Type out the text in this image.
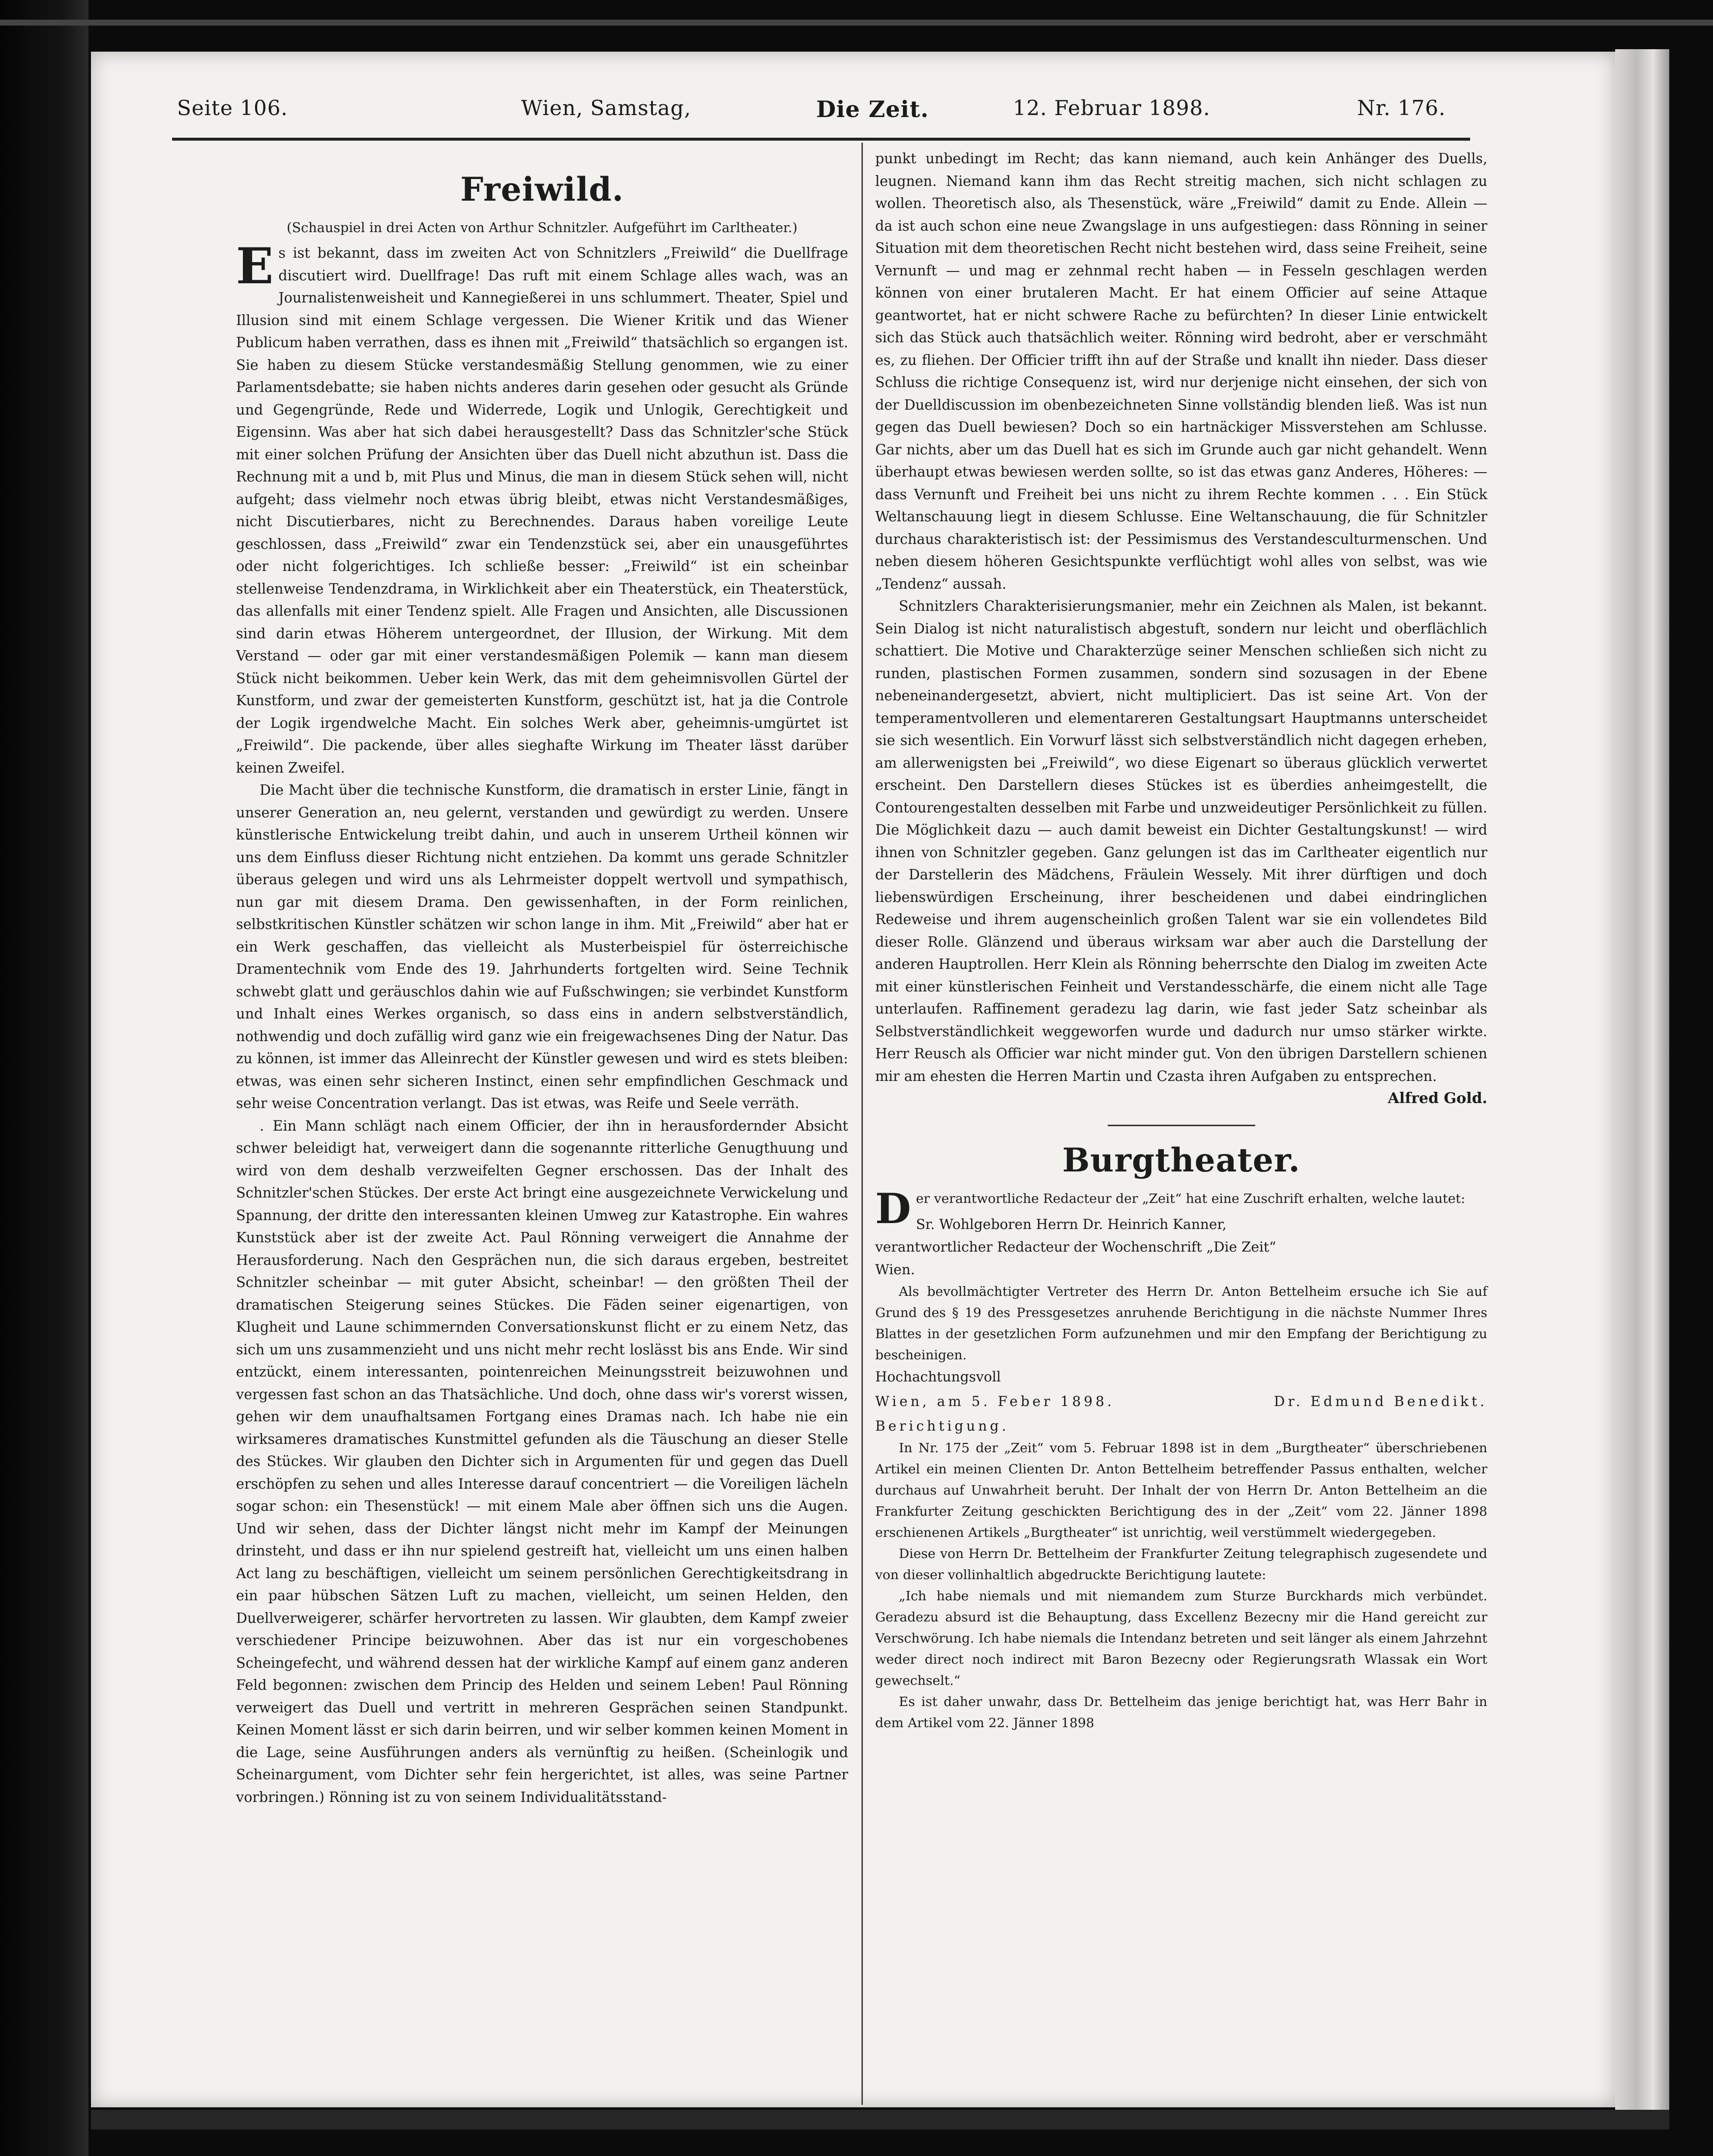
Seite 106.	Wien, Samstag,	Die Zeit.	12. Februar 1898.	Nr. 176.
Freiwild.
(Schauspiel in drei Acten von Arthur Schnitzler. Aufgeführt im Carltheater.)

Es ist bekannt, dass im zweiten Act von Schnitzlers „Freiwild“ die Duellfrage discutiert wird. Duellfrage! Das ruft mit einem Schlage alles wach, was an Journalistenweisheit und Kannegießerei in uns schlummert. Theater, Spiel und Illusion sind mit einem Schlage vergessen. Die Wiener Kritik und das Wiener Publicum haben verrathen, dass es ihnen mit „Freiwild“ thatsächlich so ergangen ist. Sie haben zu diesem Stücke verstandesmäßig Stellung genommen, wie zu einer Parlamentsdebatte; sie haben nichts anderes darin gesehen oder gesucht als Gründe und Gegengründe, Rede und Widerrede, Logik und Unlogik, Gerechtigkeit und Eigensinn. Was aber hat sich dabei herausgestellt? Dass das Schnitzler'sche Stück mit einer solchen Prüfung der Ansichten über das Duell nicht abzuthun ist. Dass die Rechnung mit a und b, mit Plus und Minus, die man in diesem Stück sehen will, nicht aufgeht; dass vielmehr noch etwas übrig bleibt, etwas nicht Verstandesmäßiges, nicht Discutierbares, nicht zu Berechnendes. Daraus haben voreilige Leute geschlossen, dass „Freiwild“ zwar ein Tendenzstück sei, aber ein unausgeführtes oder nicht folgerichtiges. Ich schließe besser: „Freiwild“ ist ein scheinbar stellenweise Tendenzdrama, in Wirklichkeit aber ein Theaterstück, ein Theaterstück, das allenfalls mit einer Tendenz spielt. Alle Fragen und Ansichten, alle Discussionen sind darin etwas Höherem untergeordnet, der Illusion, der Wirkung. Mit dem Verstand — oder gar mit einer verstandesmäßigen Polemik — kann man diesem Stück nicht beikommen. Ueber kein Werk, das mit dem geheimnisvollen Gürtel der Kunstform, und zwar der gemeisterten Kunstform, geschützt ist, hat ja die Controle der Logik irgendwelche Macht. Ein solches Werk aber, geheimnis-umgürtet ist „Freiwild“. Die packende, über alles sieghafte Wirkung im Theater lässt darüber keinen Zweifel.

Die Macht über die technische Kunstform, die dramatisch in erster Linie, fängt in unserer Generation an, neu gelernt, verstanden und gewürdigt zu werden. Unsere künstlerische Entwickelung treibt dahin, und auch in unserem Urtheil können wir uns dem Einfluss dieser Richtung nicht entziehen. Da kommt uns gerade Schnitzler überaus gelegen und wird uns als Lehrmeister doppelt wertvoll und sympathisch, nun gar mit diesem Drama. Den gewissenhaften, in der Form reinlichen, selbstkritischen Künstler schätzen wir schon lange in ihm. Mit „Freiwild“ aber hat er ein Werk geschaffen, das vielleicht als Musterbeispiel für österreichische Dramentechnik vom Ende des 19. Jahrhunderts fortgelten wird. Seine Technik schwebt glatt und geräuschlos dahin wie auf Fußschwingen; sie verbindet Kunstform und Inhalt eines Werkes organisch, so dass eins in andern selbstverständlich, nothwendig und doch zufällig wird ganz wie ein freigewachsenes Ding der Natur. Das zu können, ist immer das Alleinrecht der Künstler gewesen und wird es stets bleiben: etwas, was einen sehr sicheren Instinct, einen sehr empfindlichen Geschmack und sehr weise Concentration verlangt. Das ist etwas, was Reife und Seele verräth.

. Ein Mann schlägt nach einem Officier, der ihn in herausfordernder Absicht schwer beleidigt hat, verweigert dann die sogenannte ritterliche Genugthuung und wird von dem deshalb verzweifelten Gegner erschossen. Das der Inhalt des Schnitzler'schen Stückes. Der erste Act bringt eine ausgezeichnete Verwickelung und Spannung, der dritte den interessanten kleinen Umweg zur Katastrophe. Ein wahres Kunststück aber ist der zweite Act. Paul Rönning verweigert die Annahme der Herausforderung. Nach den Gesprächen nun, die sich daraus ergeben, bestreitet Schnitzler scheinbar — mit guter Absicht, scheinbar! — den größten Theil der dramatischen Steigerung seines Stückes. Die Fäden seiner eigenartigen, von Klugheit und Laune schimmernden Conversationskunst flicht er zu einem Netz, das sich um uns zusammenzieht und uns nicht mehr recht loslässt bis ans Ende. Wir sind entzückt, einem interessanten, pointenreichen Meinungsstreit beizuwohnen und vergessen fast schon an das Thatsächliche. Und doch, ohne dass wir's vorerst wissen, gehen wir dem unaufhaltsamen Fortgang eines Dramas nach. Ich habe nie ein wirksameres dramatisches Kunstmittel gefunden als die Täuschung an dieser Stelle des Stückes. Wir glauben den Dichter sich in Argumenten für und gegen das Duell erschöpfen zu sehen und alles Interesse darauf concentriert — die Voreiligen lächeln sogar schon: ein Thesenstück! — mit einem Male aber öffnen sich uns die Augen. Und wir sehen, dass der Dichter längst nicht mehr im Kampf der Meinungen drinsteht, und dass er ihn nur spielend gestreift hat, vielleicht um uns einen halben Act lang zu beschäftigen, vielleicht um seinem persönlichen Gerechtigkeitsdrang in ein paar hübschen Sätzen Luft zu machen, vielleicht, um seinen Helden, den Duellverweigerer, schärfer hervortreten zu lassen. Wir glaubten, dem Kampf zweier verschiedener Principe beizuwohnen. Aber das ist nur ein vorgeschobenes Scheingefecht, und während dessen hat der wirkliche Kampf auf einem ganz anderen Feld begonnen: zwischen dem Princip des Helden und seinem Leben! Paul Rönning verweigert das Duell und vertritt in mehreren Gesprächen seinen Standpunkt. Keinen Moment lässt er sich darin beirren, und wir selber kommen keinen Moment in die Lage, seine Ausführungen anders als vernünftig zu heißen. (Scheinlogik und Scheinargument, vom Dichter sehr fein hergerichtet, ist alles, was seine Partner vorbringen.) Rönning ist zu von seinem Individualitätsstand-

punkt unbedingt im Recht; das kann niemand, auch kein Anhänger des Duells, leugnen. Niemand kann ihm das Recht streitig machen, sich nicht schlagen zu wollen. Theoretisch also, als Thesenstück, wäre „Freiwild“ damit zu Ende. Allein — da ist auch schon eine neue Zwangslage in uns aufgestiegen: dass Rönning in seiner Situation mit dem theoretischen Recht nicht bestehen wird, dass seine Freiheit, seine Vernunft — und mag er zehnmal recht haben — in Fesseln geschlagen werden können von einer brutaleren Macht. Er hat einem Officier auf seine Attaque geantwortet, hat er nicht schwere Rache zu befürchten? In dieser Linie entwickelt sich das Stück auch thatsächlich weiter. Rönning wird bedroht, aber er verschmäht es, zu fliehen. Der Officier trifft ihn auf der Straße und knallt ihn nieder. Dass dieser Schluss die richtige Consequenz ist, wird nur derjenige nicht einsehen, der sich von der Duelldiscussion im obenbezeichneten Sinne vollständig blenden ließ. Was ist nun gegen das Duell bewiesen? Doch so ein hartnäckiger Missverstehen am Schlusse. Gar nichts, aber um das Duell hat es sich im Grunde auch gar nicht gehandelt. Wenn überhaupt etwas bewiesen werden sollte, so ist das etwas ganz Anderes, Höheres: — dass Vernunft und Freiheit bei uns nicht zu ihrem Rechte kommen . . . Ein Stück Weltanschauung liegt in diesem Schlusse. Eine Weltanschauung, die für Schnitzler durchaus charakteristisch ist: der Pessimismus des Verstandesculturmenschen. Und neben diesem höheren Gesichtspunkte verflüchtigt wohl alles von selbst, was wie „Tendenz“ aussah.

Schnitzlers Charakterisierungsmanier, mehr ein Zeichnen als Malen, ist bekannt. Sein Dialog ist nicht naturalistisch abgestuft, sondern nur leicht und oberflächlich schattiert. Die Motive und Charakterzüge seiner Menschen schließen sich nicht zu runden, plastischen Formen zusammen, sondern sind sozusagen in der Ebene nebeneinandergesetzt, abviert, nicht multipliciert. Das ist seine Art. Von der temperamentvolleren und elementareren Gestaltungsart Hauptmanns unterscheidet sie sich wesentlich. Ein Vorwurf lässt sich selbstverständlich nicht dagegen erheben, am allerwenigsten bei „Freiwild“, wo diese Eigenart so überaus glücklich verwertet erscheint. Den Darstellern dieses Stückes ist es überdies anheimgestellt, die Contourengestalten desselben mit Farbe und unzweideutiger Persönlichkeit zu füllen. Die Möglichkeit dazu — auch damit beweist ein Dichter Gestaltungskunst! — wird ihnen von Schnitzler gegeben. Ganz gelungen ist das im Carltheater eigentlich nur der Darstellerin des Mädchens, Fräulein Wessely. Mit ihrer dürftigen und doch liebenswürdigen Erscheinung, ihrer bescheidenen und dabei eindringlichen Redeweise und ihrem augenscheinlich großen Talent war sie ein vollendetes Bild dieser Rolle. Glänzend und überaus wirksam war aber auch die Darstellung der anderen Hauptrollen. Herr Klein als Rönning beherrschte den Dialog im zweiten Acte mit einer künstlerischen Feinheit und Verstandesschärfe, die einem nicht alle Tage unterlaufen. Raffinement geradezu lag darin, wie fast jeder Satz scheinbar als Selbstverständlichkeit weggeworfen wurde und dadurch nur umso stärker wirkte. Herr Reusch als Officier war nicht minder gut. Von den übrigen Darstellern schienen mir am ehesten die Herren Martin und Czasta ihren Aufgaben zu entsprechen.

Alfred Gold.

Burgtheater.

Der verantwortliche Redacteur der „Zeit“ hat eine Zuschrift erhalten, welche lautet:

Sr. Wohlgeboren Herrn Dr. Heinrich Kanner,

verantwortlicher Redacteur der Wochenschrift „Die Zeit“

Wien.

Als bevollmächtigter Vertreter des Herrn Dr. Anton Bettelheim ersuche ich Sie auf Grund des § 19 des Pressgesetzes anruhende Berichtigung in die nächste Nummer Ihres Blattes in der gesetzlichen Form aufzunehmen und mir den Empfang der Berichtigung zu bescheinigen.

Hochachtungsvoll

Wien, am 5. Feber 1898.	Dr. Edmund Benedikt.

Berichtigung.

In Nr. 175 der „Zeit“ vom 5. Februar 1898 ist in dem „Burgtheater“ überschriebenen Artikel ein meinen Clienten Dr. Anton Bettelheim betreffender Passus enthalten, welcher durchaus auf Unwahrheit beruht. Der Inhalt der von Herrn Dr. Anton Bettelheim an die Frankfurter Zeitung geschickten Berichtigung des in der „Zeit“ vom 22. Jänner 1898 erschienenen Artikels „Burgtheater“ ist unrichtig, weil verstümmelt wiedergegeben.

Diese von Herrn Dr. Bettelheim der Frankfurter Zeitung telegraphisch zugesendete und von dieser vollinhaltlich abgedruckte Berichtigung lautete:

„Ich habe niemals und mit niemandem zum Sturze Burckhards mich verbündet. Geradezu absurd ist die Behauptung, dass Excellenz Bezecny mir die Hand gereicht zur Verschwörung. Ich habe niemals die Intendanz betreten und seit länger als einem Jahrzehnt weder direct noch indirect mit Baron Bezecny oder Regierungsrath Wlassak ein Wort gewechselt.“

Es ist daher unwahr, dass Dr. Bettelheim das jenige berichtigt hat, was Herr Bahr in dem Artikel vom 22. Jänner 1898
